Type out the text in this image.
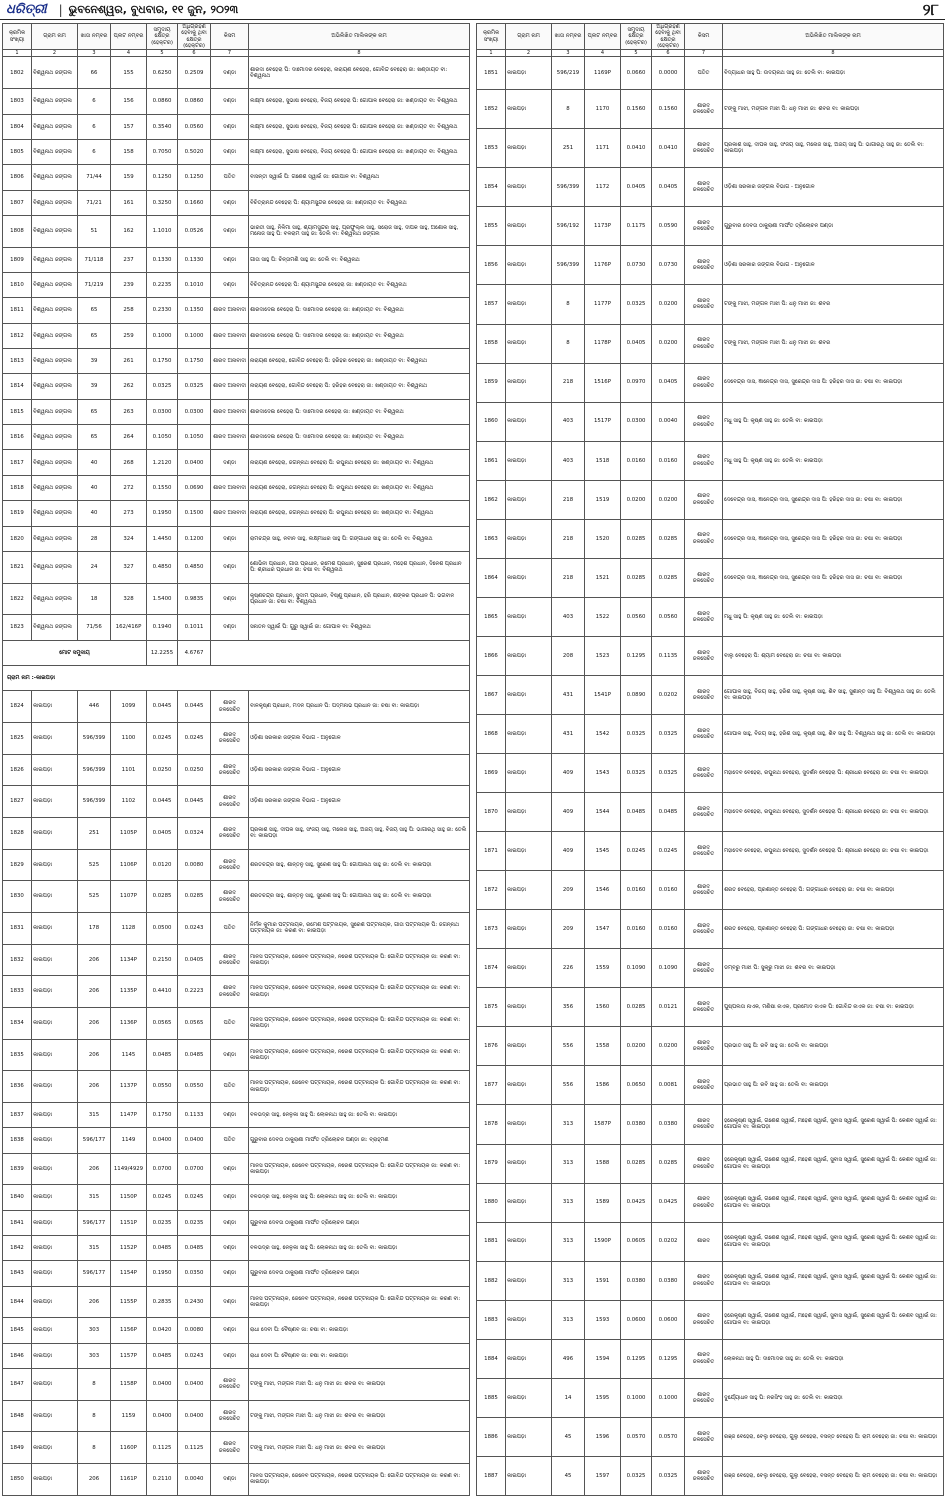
ଧରିତ୍ରୀ | ଭୁବନେଶ୍ୱର, ବୁଧବାର, ୧୧ ଜୁନ, ୨୦୨୩	୨୮
କ୍ରମିକ ସଂଖ୍ୟା	ଗ୍ରାମ ନାମ	ଖାତା ନମ୍ବର	ପ୍ଲଟ ନମ୍ବର	ସମୁଦାୟ କ୍ଷେତ୍ର (ହେକ୍ଟର)	ଅଧିଗ୍ରହଣ ହେବାକୁ ଥିବା କ୍ଷେତ୍ର (ହେକ୍ଟର)	କିସମ	ଅଭିଲିଖିତ ମାଲିକଙ୍କ ନାମ
1	2	3	4	5	6	7	8
1802	ବିଶ୍ୱନାଥ ଜଙ୍ଗଲ	66	155	0.6250	0.2509	ଦଣ୍ଡା	ଶାରଦା ବେହେରା ପି: ଦାମୋଦର ବେହେରା, ନାରାୟଣ ବେହେରା, ଗୋବିନ୍ଦ ବେହେରା ଜା: ଖଣ୍ଡାୟତ ବା: ବିଶ୍ୱନାଥ
1803	ବିଶ୍ୱନାଥ ଜଙ୍ଗଲ	6	156	0.0860	0.0860	ଦଣ୍ଡା	ଲକ୍ଷ୍ମୀ ବେହେରା, ସୁଭାଷ ବେହେରା, ବିଜୟ ବେହେରା ପି: ଗୋପାଳ ବେହେରା ଜା: ଖଣ୍ଡାୟତ ବା: ବିଶ୍ୱନାଥ
1804	ବିଶ୍ୱନାଥ ଜଙ୍ଗଲ	6	157	0.3540	0.0560	ଦଣ୍ଡା	ଲକ୍ଷ୍ମୀ ବେହେରା, ସୁଭାଷ ବେହେରା, ବିଜୟ ବେହେରା ପି: ଗୋପାଳ ବେହେରା ଜା: ଖଣ୍ଡାୟତ ବା: ବିଶ୍ୱନାଥ
1805	ବିଶ୍ୱନାଥ ଜଙ୍ଗଲ	6	158	0.7050	0.5020	ଦଣ୍ଡା	ଲକ୍ଷ୍ମୀ ବେହେରା, ସୁଭାଷ ବେହେରା, ବିଜୟ ବେହେରା ପି: ଗୋପାଳ ବେହେରା ଜା: ଖଣ୍ଡାୟତ ବା: ବିଶ୍ୱନାଥ
1806	ବିଶ୍ୱନାଥ ଜଙ୍ଗଲ	71/44	159	0.1250	0.1250	ପତିତ	ବାସନ୍ତୀ ସ୍ୱାଇଁ ପି: ଗଣେଶ ସ୍ୱାଇଁ ଜା: ଗୋପାଳ ବା: ବିଶ୍ୱନାଥ
1807	ବିଶ୍ୱନାଥ ଜଙ୍ଗଲ	71/21	161	0.3250	0.1660	ଦଣ୍ଡା	ବିଚିତ୍ରାନନ୍ଦ ବେହେରା ପି: ଶ୍ୟାମସୁନ୍ଦର ବେହେରା ଜା: ଖଣ୍ଡାୟତ ବା: ବିଶ୍ୱନାଥ
1808	ବିଶ୍ୱନାଥ ଜଙ୍ଗଲ	51	162	1.1010	0.0526	ଦଣ୍ଡା	ଭାରତୀ ସାହୁ, ନିଳିମା ସାହୁ, ଶ୍ୟାମସୁନ୍ଦର ସାହୁ, ପ୍ରଫୁଲ୍ଲ ସାହୁ, ସରୋଜ ସାହୁ, ଦୀପକ ସାହୁ, ଅଶୋକ ସାହୁ, ମନୋଜ ସାହୁ ପି: ବଳରାମ ସାହୁ ଜା: ତେଲି ବା: ବିଶ୍ୱନାଥ ଜଙ୍ଗଲ
1809	ବିଶ୍ୱନାଥ ଜଙ୍ଗଲ	71/118	237	0.1330	0.1330	ଦଣ୍ଡା	ଗୀତା ସାହୁ ପି: ଚିନ୍ତାମଣି ସାହୁ ଜା: ତେଲି ବା: ବିଶ୍ୱନାଥ
1810	ବିଶ୍ୱନାଥ ଜଙ୍ଗଲ	71/219	239	0.2235	0.1010	ଦଣ୍ଡା	ବିଚିତ୍ରାନନ୍ଦ ବେହେରା ପି: ଶ୍ୟାମସୁନ୍ଦର ବେହେରା ଜା: ଖଣ୍ଡାୟତ ବା: ବିଶ୍ୱନାଥ
1811	ବିଶ୍ୱନାଥ ଜଙ୍ଗଲ	65	258	0.2330	0.1350	ଶାରଦ ଅନାବାଦୀ	ଶାରଦାଦେଇ ବେହେରା ପି: ଦାମୋଦର ବେହେରା ଜା: ଖଣ୍ଡାୟତ ବା: ବିଶ୍ୱନାଥ
1812	ବିଶ୍ୱନାଥ ଜଙ୍ଗଲ	65	259	0.1000	0.1000	ଶାରଦ ଅନାବାଦୀ	ଶାରଦାଦେଇ ବେହେରା ପି: ଦାମୋଦର ବେହେରା ଜା: ଖଣ୍ଡାୟତ ବା: ବିଶ୍ୱନାଥ
1813	ବିଶ୍ୱନାଥ ଜଙ୍ଗଲ	39	261	0.1750	0.1750	ଶାରଦ ଅନାବାଦୀ	ନାରାୟଣ ବେହେରା, ଗୋବିନ୍ଦ ବେହେରା ପି: ହରିହର ବେହେରା ଜା: ଖଣ୍ଡାୟତ ବା: ବିଶ୍ୱନାଥ
1814	ବିଶ୍ୱନାଥ ଜଙ୍ଗଲ	39	262	0.0325	0.0325	ଶାରଦ ଅନାବାଦୀ	ନାରାୟଣ ବେହେରା, ଗୋବିନ୍ଦ ବେହେରା ପି: ହରିହର ବେହେରା ଜା: ଖଣ୍ଡାୟତ ବା: ବିଶ୍ୱନାଥ
1815	ବିଶ୍ୱନାଥ ଜଙ୍ଗଲ	65	263	0.0300	0.0300	ଶାରଦ ଅନାବାଦୀ	ଶାରଦାଦେଇ ବେହେରା ପି: ଦାମୋଦର ବେହେରା ଜା: ଖଣ୍ଡାୟତ ବା: ବିଶ୍ୱନାଥ
1816	ବିଶ୍ୱନାଥ ଜଙ୍ଗଲ	65	264	0.1050	0.1050	ଶାରଦ ଅନାବାଦୀ	ଶାରଦାଦେଇ ବେହେରା ପି: ଦାମୋଦର ବେହେରା ଜା: ଖଣ୍ଡାୟତ ବା: ବିଶ୍ୱନାଥ
1817	ବିଶ୍ୱନାଥ ଜଙ୍ଗଲ	40	268	1.2120	0.0400	ଦଣ୍ଡା	ନାରାୟଣ ବେହେରା, ଜଗନ୍ନାଥ ବେହେରା ପି: ରଘୁନାଥ ବେହେରା ଜା: ଖଣ୍ଡାୟତ ବା: ବିଶ୍ୱନାଥ
1818	ବିଶ୍ୱନାଥ ଜଙ୍ଗଲ	40	272	0.1550	0.0690	ଶାରଦ ଅନାବାଦୀ	ନାରାୟଣ ବେହେରା, ଜଗନ୍ନାଥ ବେହେରା ପି: ରଘୁନାଥ ବେହେରା ଜା: ଖଣ୍ଡାୟତ ବା: ବିଶ୍ୱନାଥ
1819	ବିଶ୍ୱନାଥ ଜଙ୍ଗଲ	40	273	0.1950	0.1500	ଶାରଦ ଅନାବାଦୀ	ନାରାୟଣ ବେହେରା, ଜଗନ୍ନାଥ ବେହେରା ପି: ରଘୁନାଥ ବେହେରା ଜା: ଖଣ୍ଡାୟତ ବା: ବିଶ୍ୱନାଥ
1820	ବିଶ୍ୱନାଥ ଜଙ୍ଗଲ	28	324	1.4450	0.1200	ଦଣ୍ଡା	ରାମଚନ୍ଦ୍ର ସାହୁ, ନବୀନ ସାହୁ, ଲକ୍ଷ୍ମୀଧର ସାହୁ ପି: ଗଙ୍ଗାଧର ସାହୁ ଜା: ତେଲି ବା: ବିଶ୍ୱନାଥ
1821	ବିଶ୍ୱନାଥ ଜଙ୍ଗଲ	24	327	0.4850	0.4850	ଦଣ୍ଡା	ଶୋଭିନୀ ପ୍ରଧାନ, ଗୀତା ପ୍ରଧାନ, ରମେଶ ପ୍ରଧାନ, ସୁରେଶ ପ୍ରଧାନ, ମହେଶ ପ୍ରଧାନ, ଦିନେଶ ପ୍ରଧାନ ପି: ଶ୍ରୀଧର ପ୍ରଧାନ ଜା: ଚଷା ବା: ବିଶ୍ୱନାଥ
1822	ବିଶ୍ୱନାଥ ଜଙ୍ଗଲ	18	328	1.5400	0.9835	ଦଣ୍ଡା	କୃଷ୍ଣଚନ୍ଦ୍ର ପ୍ରଧାନ, ସୁଦାମ ପ୍ରଧାନ, ବିଷ୍ଣୁ ପ୍ରଧାନ, ହରି ପ୍ରଧାନ, ଶଙ୍କର ପ୍ରଧାନ ପି: ଭଗବାନ ପ୍ରଧାନ ଜା: ଚଷା ବା: ବିଶ୍ୱନାଥ
1823	ବିଶ୍ୱନାଥ ଜଙ୍ଗଲ	71/56	162/416P	0.1940	0.1011	ଦଣ୍ଡା	ସନାତନ ସ୍ୱାଇଁ ପି: ଗୁରୁ ସ୍ୱାଇଁ ଜା: ଗୋପାଳ ବା: ବିଶ୍ୱନାଥ
ମୋଟ ସମୁଦାୟ				12.2255	4.6767		
ଗ୍ରାମ ନାମ :-କାଇପଡ଼ା							
1824	କାଇପଡ଼ା	446	1099	0.0445	0.0445	ଶାରଦ ଜଳସେଚିତ	ବାଳକୃଷ୍ଣ ପ୍ରଧାନ, ମଦନ ପ୍ରଧାନ ପି: ପଦ୍ମନାଭ ପ୍ରଧାନ ଜା: ଚଷା ବା: କାଇପଡ଼ା
1825	କାଇପଡ଼ା	596/399	1100	0.0245	0.0245	ଶାରଦ ଜଳସେଚିତ	ଓଡ଼ିଶା ସରକାର ଜଙ୍ଗଲ ବିଭାଗ - ଅନୁଗୋଳ
1826	କାଇପଡ଼ା	596/399	1101	0.0250	0.0250	ଶାରଦ ଜଳସେଚିତ	ଓଡ଼ିଶା ସରକାର ଜଙ୍ଗଲ ବିଭାଗ - ଅନୁଗୋଳ
1827	କାଇପଡ଼ା	596/399	1102	0.0445	0.0445	ଶାରଦ ଜଳସେଚିତ	ଓଡ଼ିଶା ସରକାର ଜଙ୍ଗଲ ବିଭାଗ - ଅନୁଗୋଳ
1828	କାଇପଡ଼ା	251	1105P	0.0405	0.0324	ଶାରଦ ଜଳସେଚିତ	ପ୍ରକାଶ ସାହୁ, ଦୀପକ ସାହୁ, ସଂଜୟ ସାହୁ, ମନୋଜ ସାହୁ, ଅଜୟ ସାହୁ, ବିଜୟ ସାହୁ ପି: ଭାଗୀରଥି ସାହୁ ଜା: ତେଲି ବା: କାଇପଡ଼ା
1829	କାଇପଡ଼ା	525	1106P	0.0120	0.0080	ଶାରଦ ଜଳସେଚିତ	ଶରତଚନ୍ଦ୍ର ସାହୁ, ଶାନ୍ତନୁ ସାହୁ, ସୁରେଶ ସାହୁ ପି: ଗୋପୀନାଥ ସାହୁ ଜା: ତେଲି ବା: କାଇପଡ଼ା
1830	କାଇପଡ଼ା	525	1107P	0.0285	0.0285	ଶାରଦ ଜଳସେଚିତ	ଶରତଚନ୍ଦ୍ର ସାହୁ, ଶାନ୍ତନୁ ସାହୁ, ସୁରେଶ ସାହୁ ପି: ଗୋପୀନାଥ ସାହୁ ଜା: ତେଲି ବା: କାଇପଡ଼ା
1831	କାଇପଡ଼ା	178	1128	0.0500	0.0243	ପତିତ	ନିର୍ମଳ କୁମାର ପଟ୍ଟନାୟକ, ରମେଶ ପଟ୍ଟନାୟକ, ସୁରେଶ ପଟ୍ଟନାୟକ, ଗୀତା ପଟ୍ଟନାୟକ ପି: ଜଗନ୍ନାଥ ପଟ୍ଟନାୟକ ଜା: କରଣ ବା: କାଇପଡ଼ା
1832	କାଇପଡ଼ା	206	1134P	0.2150	0.0405	ଶାରଦ ଜଳସେଚିତ	ମାନସ ପଟ୍ଟନାୟକ, ଜେନେବ ପଟ୍ଟନାୟକ, ନରେଶ ପଟ୍ଟନାୟକ ପି: ଗୋବିନ୍ଦ ପଟ୍ଟନାୟକ ଜା: କରଣ ବା: କାଇପଡ଼ା
1833	କାଇପଡ଼ା	206	1135P	0.4410	0.2223	ଶାରଦ ଜଳସେଚିତ	ମାନସ ପଟ୍ଟନାୟକ, ଜେନେବ ପଟ୍ଟନାୟକ, ନରେଶ ପଟ୍ଟନାୟକ ପି: ଗୋବିନ୍ଦ ପଟ୍ଟନାୟକ ଜା: କରଣ ବା: କାଇପଡ଼ା
1834	କାଇପଡ଼ା	206	1136P	0.0565	0.0565	ପତିତ	ମାନସ ପଟ୍ଟନାୟକ, ଜେନେବ ପଟ୍ଟନାୟକ, ନରେଶ ପଟ୍ଟନାୟକ ପି: ଗୋବିନ୍ଦ ପଟ୍ଟନାୟକ ଜା: କରଣ ବା: କାଇପଡ଼ା
1835	କାଇପଡ଼ା	206	1145	0.0485	0.0485	ଦଣ୍ଡା	ମାନସ ପଟ୍ଟନାୟକ, ଜେନେବ ପଟ୍ଟନାୟକ, ନରେଶ ପଟ୍ଟନାୟକ ପି: ଗୋବିନ୍ଦ ପଟ୍ଟନାୟକ ଜା: କରଣ ବା: କାଇପଡ଼ା
1836	କାଇପଡ଼ା	206	1137P	0.0550	0.0550	ପତିତ	ମାନସ ପଟ୍ଟନାୟକ, ଜେନେବ ପଟ୍ଟନାୟକ, ନରେଶ ପଟ୍ଟନାୟକ ପି: ଗୋବିନ୍ଦ ପଟ୍ଟନାୟକ ଜା: କରଣ ବା: କାଇପଡ଼ା
1837	କାଇପଡ଼ା	315	1147P	0.1750	0.1133	ଦଣ୍ଡା	ବଳଭଦ୍ର ସାହୁ, ନେଳୁକା ସାହୁ ପି: ଲୋକନାଥ ସାହୁ ଜା: ତେଲି ବା: କାଇପଡ଼ା
1838	କାଇପଡ଼ା	596/177	1149	0.0400	0.0400	ପତିତ	ଗୁରୁବାର ଦେବତା ଠାକୁରାଣୀ ମାର୍ଫତ ତ୍ରିଲୋଚନ ପଣ୍ଡା ଜା: ବ୍ରାହ୍ମଣ
1839	କାଇପଡ଼ା	206	1149/4929	0.0700	0.0700	ଦଣ୍ଡା	ମାନସ ପଟ୍ଟନାୟକ, ଜେନେବ ପଟ୍ଟନାୟକ, ନରେଶ ପଟ୍ଟନାୟକ ପି: ଗୋବିନ୍ଦ ପଟ୍ଟନାୟକ ଜା: କରଣ ବା: କାଇପଡ଼ା
1840	କାଇପଡ଼ା	315	1150P	0.0245	0.0245	ଦଣ୍ଡା	ବଳଭଦ୍ର ସାହୁ, ନେଳୁକା ସାହୁ ପି: ଲୋକନାଥ ସାହୁ ଜା: ତେଲି ବା: କାଇପଡ଼ା
1841	କାଇପଡ଼ା	596/177	1151P	0.0235	0.0235	ଦଣ୍ଡା	ଗୁରୁବାର ଦେବତା ଠାକୁରାଣୀ ମାର୍ଫତ ତ୍ରିଲୋଚନ ପଣ୍ଡା
1842	କାଇପଡ଼ା	315	1152P	0.0485	0.0485	ଦଣ୍ଡା	ବଳଭଦ୍ର ସାହୁ, ନେଳୁକା ସାହୁ ପି: ଲୋକନାଥ ସାହୁ ଜା: ତେଲି ବା: କାଇପଡ଼ା
1843	କାଇପଡ଼ା	596/177	1154P	0.1950	0.0350	ଦଣ୍ଡା	ଗୁରୁବାର ଦେବତା ଠାକୁରାଣୀ ମାର୍ଫତ ତ୍ରିଲୋଚନ ପଣ୍ଡା
1844	କାଇପଡ଼ା	206	1155P	0.2835	0.2430	ଦଣ୍ଡା	ମାନସ ପଟ୍ଟନାୟକ, ଜେନେବ ପଟ୍ଟନାୟକ, ନରେଶ ପଟ୍ଟନାୟକ ପି: ଗୋବିନ୍ଦ ପଟ୍ଟନାୟକ ଜା: କରଣ ବା: କାଇପଡ଼ା
1845	କାଇପଡ଼ା	303	1156P	0.0420	0.0080	ଦଣ୍ଡା	ରାଧା ଦେବୀ ପି: ବୈଷ୍ଣବ ଜା: ଚଷା ବା: କାଇପଡ଼ା
1846	କାଇପଡ଼ା	303	1157P	0.0485	0.0243	ଦଣ୍ଡା	ରାଧା ଦେବୀ ପି: ବୈଷ୍ଣବ ଜା: ଚଷା ବା: କାଇପଡ଼ା
1847	କାଇପଡ଼ା	8	1158P	0.0400	0.0400	ଶାରଦ ଜଳସେଚିତ	ଟଙ୍କୁ ମାଝୀ, ମଙ୍ଗଳ ମାଝୀ ପି: ଧନୁ ମାଝୀ ଜା: ଶବର ବା: କାଇପଡ଼ା
1848	କାଇପଡ଼ା	8	1159	0.0400	0.0400	ଶାରଦ ଜଳସେଚିତ	ଟଙ୍କୁ ମାଝୀ, ମଙ୍ଗଳ ମାଝୀ ପି: ଧନୁ ମାଝୀ ଜା: ଶବର ବା: କାଇପଡ଼ା
1849	କାଇପଡ଼ା	8	1160P	0.1125	0.1125	ଶାରଦ ଜଳସେଚିତ	ଟଙ୍କୁ ମାଝୀ, ମଙ୍ଗଳ ମାଝୀ ପି: ଧନୁ ମାଝୀ ଜା: ଶବର ବା: କାଇପଡ଼ା
1850	କାଇପଡ଼ା	206	1161P	0.2110	0.0040	ଦଣ୍ଡା	ମାନସ ପଟ୍ଟନାୟକ, ଜେନେବ ପଟ୍ଟନାୟକ, ନରେଶ ପଟ୍ଟନାୟକ ପି: ଗୋବିନ୍ଦ ପଟ୍ଟନାୟକ ଜା: କରଣ ବା: କାଇପଡ଼ା
କ୍ରମିକ ସଂଖ୍ୟା	ଗ୍ରାମ ନାମ	ଖାତା ନମ୍ବର	ପ୍ଲଟ ନମ୍ବର	ସମୁଦାୟ କ୍ଷେତ୍ର (ହେକ୍ଟର)	ଅଧିଗ୍ରହଣ ହେବାକୁ ଥିବା କ୍ଷେତ୍ର (ହେକ୍ଟର)	କିସମ	ଅଭିଲିଖିତ ମାଲିକଙ୍କ ନାମ
1	2	3	4	5	6	7	8
1851	କାଇପଡ଼ା	596/219	1169P	0.0660	0.0000	ପତିତ	ବିଦ୍ୟାଧର ସାହୁ ପି: ଉଦୟନାଥ ସାହୁ ଜା: ତେଲି ବା: କାଇପଡ଼ା
1852	କାଇପଡ଼ା	8	1170	0.1560	0.1560	ଶାରଦ ଜଳସେଚିତ	ଟଙ୍କୁ ମାଝୀ, ମଙ୍ଗଳ ମାଝୀ ପି: ଧନୁ ମାଝୀ ଜା: ଶବର ବା: କାଇପଡ଼ା
1853	କାଇପଡ଼ା	251	1171	0.0410	0.0410	ଶାରଦ ଜଳସେଚିତ	ପ୍ରକାଶ ସାହୁ, ଦୀପକ ସାହୁ, ସଂଜୟ ସାହୁ, ମନୋଜ ସାହୁ, ଅଜୟ ସାହୁ ପି: ଭାଗୀରଥି ସାହୁ ଜା: ତେଲି ବା: କାଇପଡ଼ା
1854	କାଇପଡ଼ା	596/399	1172	0.0405	0.0405	ଶାରଦ ଜଳସେଚିତ	ଓଡ଼ିଶା ସରକାର ଜଙ୍ଗଲ ବିଭାଗ - ଅନୁଗୋଳ
1855	କାଇପଡ଼ା	596/192	1173P	0.1175	0.0590	ଶାରଦ ଜଳସେଚିତ	ଗୁରୁବାର ଦେବତା ଠାକୁରାଣୀ ମାର୍ଫତ ତ୍ରିଲୋଚନ ପଣ୍ଡା
1856	କାଇପଡ଼ା	596/399	1176P	0.0730	0.0730	ଶାରଦ ଜଳସେଚିତ	ଓଡ଼ିଶା ସରକାର ଜଙ୍ଗଲ ବିଭାଗ - ଅନୁଗୋଳ
1857	କାଇପଡ଼ା	8	1177P	0.0325	0.0200	ଶାରଦ ଜଳସେଚିତ	ଟଙ୍କୁ ମାଝୀ, ମଙ୍ଗଳ ମାଝୀ ପି: ଧନୁ ମାଝୀ ଜା: ଶବର
1858	କାଇପଡ଼ା	8	1178P	0.0405	0.0200	ଶାରଦ ଜଳସେଚିତ	ଟଙ୍କୁ ମାଝୀ, ମଙ୍ଗଳ ମାଝୀ ପି: ଧନୁ ମାଝୀ ଜା: ଶବର
1859	କାଇପଡ଼ା	218	1516P	0.0970	0.0405	ଶାରଦ ଜଳସେଚିତ	ଦେବେନ୍ଦ୍ର ଦାସ, ଜ୍ଞାନେନ୍ଦ୍ର ଦାସ, ସୁରେନ୍ଦ୍ର ଦାସ ପି: ହରିହର ଦାସ ଜା: ଚଷା ବା: କାଇପଡ଼ା
1860	କାଇପଡ଼ା	403	1517P	0.0300	0.0040	ଶାରଦ ଜଳସେଚିତ	ମଧୁ ସାହୁ ପି: କୃଷ୍ଣ ସାହୁ ଜା: ତେଲି ବା: କାଇପଡ଼ା
1861	କାଇପଡ଼ା	403	1518	0.0160	0.0160	ଶାରଦ ଜଳସେଚିତ	ମଧୁ ସାହୁ ପି: କୃଷ୍ଣ ସାହୁ ଜା: ତେଲି ବା: କାଇପଡ଼ା
1862	କାଇପଡ଼ା	218	1519	0.0200	0.0200	ଶାରଦ ଜଳସେଚିତ	ଦେବେନ୍ଦ୍ର ଦାସ, ଜ୍ଞାନେନ୍ଦ୍ର ଦାସ, ସୁରେନ୍ଦ୍ର ଦାସ ପି: ହରିହର ଦାସ ଜା: ଚଷା ବା: କାଇପଡ଼ା
1863	କାଇପଡ଼ା	218	1520	0.0285	0.0285	ଶାରଦ ଜଳସେଚିତ	ଦେବେନ୍ଦ୍ର ଦାସ, ଜ୍ଞାନେନ୍ଦ୍ର ଦାସ, ସୁରେନ୍ଦ୍ର ଦାସ ପି: ହରିହର ଦାସ ଜା: ଚଷା ବା: କାଇପଡ଼ା
1864	କାଇପଡ଼ା	218	1521	0.0285	0.0285	ଶାରଦ ଜଳସେଚିତ	ଦେବେନ୍ଦ୍ର ଦାସ, ଜ୍ଞାନେନ୍ଦ୍ର ଦାସ, ସୁରେନ୍ଦ୍ର ଦାସ ପି: ହରିହର ଦାସ ଜା: ଚଷା ବା: କାଇପଡ଼ା
1865	କାଇପଡ଼ା	403	1522	0.0560	0.0560	ଶାରଦ ଜଳସେଚିତ	ମଧୁ ସାହୁ ପି: କୃଷ୍ଣ ସାହୁ ଜା: ତେଲି ବା: କାଇପଡ଼ା
1866	କାଇପଡ଼ା	208	1523	0.1295	0.1135	ଶାରଦ ଜଳସେଚିତ	ବାଲୁ ବେହେରା ପି: ଶ୍ୟାମ ବେହେରା ଜା: ଚଷା ବା: କାଇପଡ଼ା
1867	କାଇପଡ଼ା	431	1541P	0.0890	0.0202	ଶାରଦ ଜଳସେଚିତ	ଗୋପାଳ ସାହୁ, ବିଜୟ ସାହୁ, ହରିଶ ସାହୁ, କୃଷ୍ଣ ସାହୁ, ଶିବ ସାହୁ, ସୁଶାନ୍ତ ସାହୁ ପି: ବିଶ୍ୱନାଥ ସାହୁ ଜା: ତେଲି ବା: କାଇପଡ଼ା
1868	କାଇପଡ଼ା	431	1542	0.0325	0.0325	ଶାରଦ ଜଳସେଚିତ	ଗୋପାଳ ସାହୁ, ବିଜୟ ସାହୁ, ହରିଶ ସାହୁ, କୃଷ୍ଣ ସାହୁ, ଶିବ ସାହୁ ପି: ବିଶ୍ୱନାଥ ସାହୁ ଜା: ତେଲି ବା: କାଇପଡ଼ା
1869	କାଇପଡ଼ା	409	1543	0.0325	0.0325	ଶାରଦ ଜଳସେଚିତ	ମହାଦେବ ବେହେରା, ରଘୁନାଥ ବେହେରା, ସୁଦର୍ଶନ ବେହେରା ପି: ଶ୍ରୀଧର ବେହେରା ଜା: ଚଷା ବା: କାଇପଡ଼ା
1870	କାଇପଡ଼ା	409	1544	0.0485	0.0485	ଶାରଦ ଜଳସେଚିତ	ମହାଦେବ ବେହେରା, ରଘୁନାଥ ବେହେରା, ସୁଦର୍ଶନ ବେହେରା ପି: ଶ୍ରୀଧର ବେହେରା ଜା: ଚଷା ବା: କାଇପଡ଼ା
1871	କାଇପଡ଼ା	409	1545	0.0245	0.0245	ଶାରଦ ଜଳସେଚିତ	ମହାଦେବ ବେହେରା, ରଘୁନାଥ ବେହେରା, ସୁଦର୍ଶନ ବେହେରା ପି: ଶ୍ରୀଧର ବେହେରା ଜା: ଚଷା ବା: କାଇପଡ଼ା
1872	କାଇପଡ଼ା	209	1546	0.0160	0.0160	ଶାରଦ ଜଳସେଚିତ	ଶରତ ବେହେରା, ପ୍ରଶାନ୍ତ ବେହେରା ପି: ଗଙ୍ଗାଧର ବେହେରା ଜା: ଚଷା ବା: କାଇପଡ଼ା
1873	କାଇପଡ଼ା	209	1547	0.0160	0.0160	ଶାରଦ ଜଳସେଚିତ	ଶରତ ବେହେରା, ପ୍ରଶାନ୍ତ ବେହେରା ପି: ଗଙ୍ଗାଧର ବେହେରା ଜା: ଚଷା ବା: କାଇପଡ଼ା
1874	କାଇପଡ଼ା	226	1559	0.1090	0.1090	ଶାରଦ ଜଳସେଚିତ	ଡମ୍ବରୁ ମାଝୀ ପି: ସୁକ୍ରୁ ମାଝୀ ଜା: ଶବର ବା: କାଇପଡ଼ା
1875	କାଇପଡ଼ା	356	1560	0.0285	0.0121	ଶାରଦ ଜଳସେଚିତ	ପୁଷ୍ପଲତା ନାଏକ, ମଣିଷା ନାଏକ, ପ୍ରମୋଦ ନାଏକ ପି: ଗୋବିନ୍ଦ ନାଏକ ଜା: ଚଷା ବା: କାଇପଡ଼ା
1876	କାଇପଡ଼ା	556	1558	0.0200	0.0200	ଶାରଦ ଜଳସେଚିତ	ପ୍ରଭାତ ସାହୁ ପି: ରବି ସାହୁ ଜା: ତେଲି ବା: କାଇପଡ଼ା
1877	କାଇପଡ଼ା	556	1586	0.0650	0.0081	ଶାରଦ ଜଳସେଚିତ	ପ୍ରଭାତ ସାହୁ ପି: ରବି ସାହୁ ଜା: ତେଲି ବା: କାଇପଡ଼ା
1878	କାଇପଡ଼ା	313	1587P	0.0380	0.0380	ଶାରଦ ଜଳସେଚିତ	ହରେକୃଷ୍ଣ ସ୍ୱାଇଁ, ଗଣେଶ ସ୍ୱାଇଁ, ମହେଶ ସ୍ୱାଇଁ, ସୁବାସ ସ୍ୱାଇଁ, ସୁରେଶ ସ୍ୱାଇଁ ପି: କେଶବ ସ୍ୱାଇଁ ଜା: ଗୋପାଳ ବା: କାଇପଡ଼ା
1879	କାଇପଡ଼ା	313	1588	0.0285	0.0285	ଶାରଦ ଜଳସେଚିତ	ହରେକୃଷ୍ଣ ସ୍ୱାଇଁ, ଗଣେଶ ସ୍ୱାଇଁ, ମହେଶ ସ୍ୱାଇଁ, ସୁବାସ ସ୍ୱାଇଁ, ସୁରେଶ ସ୍ୱାଇଁ ପି: କେଶବ ସ୍ୱାଇଁ ଜା: ଗୋପାଳ ବା: କାଇପଡ଼ା
1880	କାଇପଡ଼ା	313	1589	0.0425	0.0425	ଶାରଦ ଜଳସେଚିତ	ହରେକୃଷ୍ଣ ସ୍ୱାଇଁ, ଗଣେଶ ସ୍ୱାଇଁ, ମହେଶ ସ୍ୱାଇଁ, ସୁବାସ ସ୍ୱାଇଁ, ସୁରେଶ ସ୍ୱାଇଁ ପି: କେଶବ ସ୍ୱାଇଁ ଜା: ଗୋପାଳ ବା: କାଇପଡ଼ା
1881	କାଇପଡ଼ା	313	1590P	0.0605	0.0202	ଶାରଦ	ହରେକୃଷ୍ଣ ସ୍ୱାଇଁ, ଗଣେଶ ସ୍ୱାଇଁ, ମହେଶ ସ୍ୱାଇଁ, ସୁବାସ ସ୍ୱାଇଁ, ସୁରେଶ ସ୍ୱାଇଁ ପି: କେଶବ ସ୍ୱାଇଁ ଜା: ଗୋପାଳ ବା: କାଇପଡ଼ା
1882	କାଇପଡ଼ା	313	1591	0.0380	0.0380	ଶାରଦ ଜଳସେଚିତ	ହରେକୃଷ୍ଣ ସ୍ୱାଇଁ, ଗଣେଶ ସ୍ୱାଇଁ, ମହେଶ ସ୍ୱାଇଁ, ସୁବାସ ସ୍ୱାଇଁ, ସୁରେଶ ସ୍ୱାଇଁ ପି: କେଶବ ସ୍ୱାଇଁ ଜା: ଗୋପାଳ ବା: କାଇପଡ଼ା
1883	କାଇପଡ଼ା	313	1593	0.0600	0.0600	ଶାରଦ ଜଳସେଚିତ	ହରେକୃଷ୍ଣ ସ୍ୱାଇଁ, ଗଣେଶ ସ୍ୱାଇଁ, ମହେଶ ସ୍ୱାଇଁ, ସୁବାସ ସ୍ୱାଇଁ, ସୁରେଶ ସ୍ୱାଇଁ ପି: କେଶବ ସ୍ୱାଇଁ ଜା: ଗୋପାଳ ବା: କାଇପଡ଼ା
1884	କାଇପଡ଼ା	496	1594	0.1295	0.1295	ଶାରଦ ଜଳସେଚିତ	ଲୋକନାଥ ସାହୁ ପି: ଦାମୋଦର ସାହୁ ଜା: ତେଲି ବା: କାଇପଡ଼ା
1885	କାଇପଡ଼ା	14	1595	0.1000	0.1000	ଶାରଦ ଜଳସେଚିତ	ଦୁର୍ଯ୍ୟୋଧନ ସାହୁ ପି: ନରସିଂହ ସାହୁ ଜା: ତେଲି ବା: କାଇପଡ଼ା
1886	କାଇପଡ଼ା	45	1596	0.0570	0.0570	ଶାରଦ ଜଳସେଚିତ	ରଞ୍ଜ ବେହେରା, ବେଲୁ ବେହେରା, ଗୁଲୁ ବେହେରା, ବସନ୍ତ ବେହେରା ପି: ରାମ ବେହେରା ଜା: ଚଷା ବା: କାଇପଡ଼ା
1887	କାଇପଡ଼ା	45	1597	0.0325	0.0325	ଶାରଦ ଜଳସେଚିତ	ରଞ୍ଜ ବେହେରା, ବେଲୁ ବେହେରା, ଗୁଲୁ ବେହେରା, ବସନ୍ତ ବେହେରା ପି: ରାମ ବେହେରା ଜା: ଚଷା ବା: କାଇପଡ଼ା
